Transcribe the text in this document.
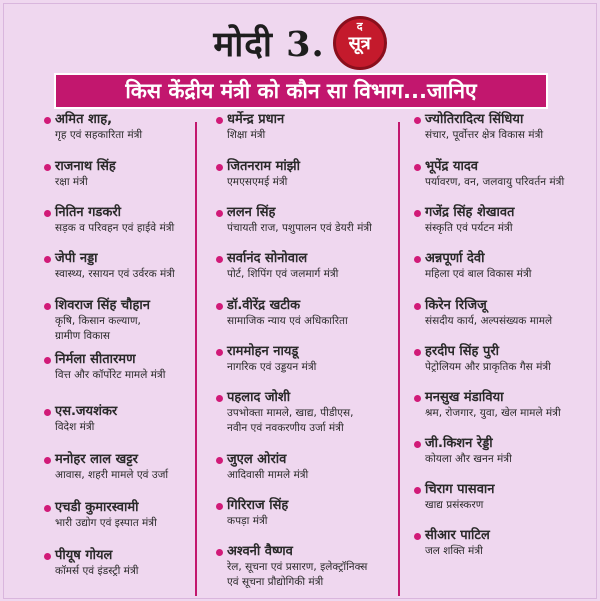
मोदी 3.	द
सूत्र
किस केंद्रीय मंत्री को कौन सा विभाग...जानिए
अमित शाह,
गृह एवं सहकारिता मंत्री
राजनाथ सिंह
रक्षा मंत्री
नितिन गडकरी
सड़क व परिवहन एवं हाईवे मंत्री
जेपी नड्डा
स्वास्थ्य, रसायन एवं उर्वरक मंत्री
शिवराज सिंह चौहान
कृषि, किसान कल्याण,
ग्रामीण विकास
निर्मला सीतारमण
वित्त और कॉर्पोरेट मामले मंत्री
एस.जयशंकर
विदेश मंत्री
मनोहर लाल खट्टर
आवास, शहरी मामले एवं उर्जा
एचडी कुमारस्वामी
भारी उद्योग एवं इस्पात मंत्री
पीयूष गोयल
कॉमर्स एवं इंडस्ट्री मंत्री
धर्मेन्द्र प्रधान
शिक्षा मंत्री
जितनराम मांझी
एमएसएमई मंत्री
ललन सिंह
पंचायती राज, पशुपालन एवं डेयरी मंत्री
सर्वानंद सोनोवाल
पोर्ट, शिपिंग एवं जलमार्ग मंत्री
डॉ.वीरेंद्र खटीक
सामाजिक न्याय एवं अधिकारिता
राममोहन नायडू
नागरिक एवं उड्डयन मंत्री
पहलाद जोशी
उपभोक्ता मामले, खाद्य, पीडीएस,
नवीन एवं नवकरणीय उर्जा मंत्री
जुएल ओरांव
आदिवासी मामले मंत्री
गिरिराज सिंह
कपड़ा मंत्री
अश्वनी वैष्णव
रेल, सूचना एवं प्रसारण, इलेक्ट्रॉनिक्स
एवं सूचना प्रौद्योगिकी मंत्री
ज्योतिरादित्य सिंधिया
संचार, पूर्वोत्तर क्षेत्र विकास मंत्री
भूपेंद्र यादव
पर्यावरण, वन, जलवायु परिवर्तन मंत्री
गजेंद्र सिंह शेखावत
संस्कृति एवं पर्यटन मंत्री
अन्नपूर्णा देवी
महिला एवं बाल विकास मंत्री
किरेन रिजिजू
संसदीय कार्य, अल्पसंख्यक मामले
हरदीप सिंह पुरी
पेट्रोलियम और प्राकृतिक गैस मंत्री
मनसुख मंडाविया
श्रम, रोजगार, युवा, खेल मामले मंत्री
जी.किशन रेड्डी
कोयला और खनन मंत्री
चिराग पासवान
खाद्य प्रसंस्करण
सीआर पाटिल
जल शक्ति मंत्री
